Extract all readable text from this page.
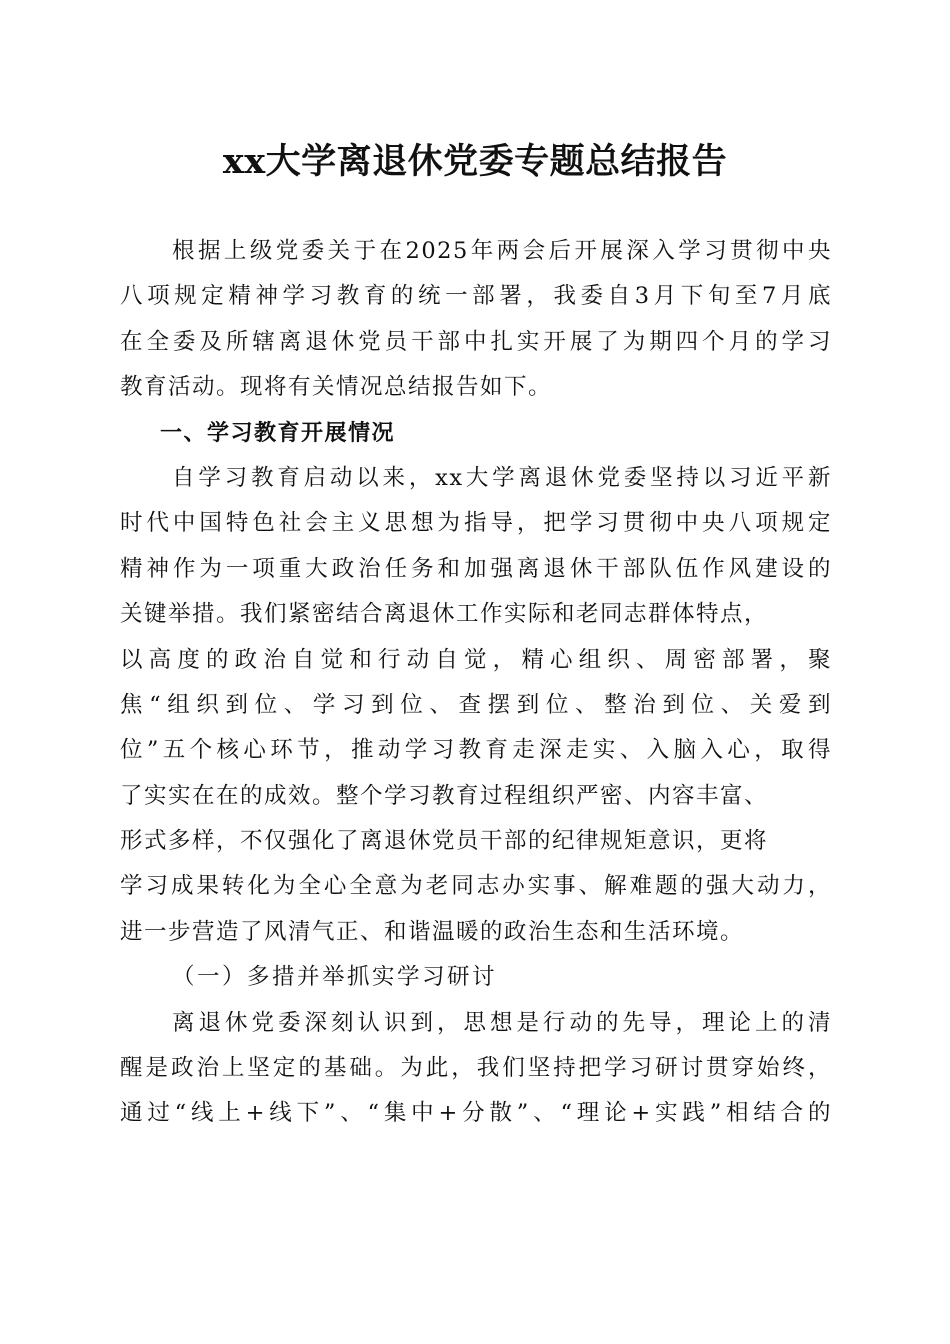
xx大学离退休党委专题总结报告
根据上级党委关于在2025年两会后开展深入学习贯彻中央
八项规定精神学习教育的统一部署，我委自3月下旬至7月底
在全委及所辖离退休党员干部中扎实开展了为期四个月的学习
教育活动。现将有关情况总结报告如下。
一、学习教育开展情况
自学习教育启动以来，xx大学离退休党委坚持以习近平新
时代中国特色社会主义思想为指导，把学习贯彻中央八项规定
精神作为一项重大政治任务和加强离退休干部队伍作风建设的
关键举措。我们紧密结合离退休工作实际和老同志群体特点，
以高度的政治自觉和行动自觉，精心组织、周密部署，聚
焦“组织到位、学习到位、查摆到位、整治到位、关爱到
位”五个核心环节，推动学习教育走深走实、入脑入心，取得
了实实在在的成效。整个学习教育过程组织严密、内容丰富、
形式多样，不仅强化了离退休党员干部的纪律规矩意识，更将
学习成果转化为全心全意为老同志办实事、解难题的强大动力，
进一步营造了风清气正、和谐温暖的政治生态和生活环境。
（一）多措并举抓实学习研讨
离退休党委深刻认识到，思想是行动的先导，理论上的清
醒是政治上坚定的基础。为此，我们坚持把学习研讨贯穿始终，
通过“线上+线下”、“集中+分散”、“理论+实践”相结合的
